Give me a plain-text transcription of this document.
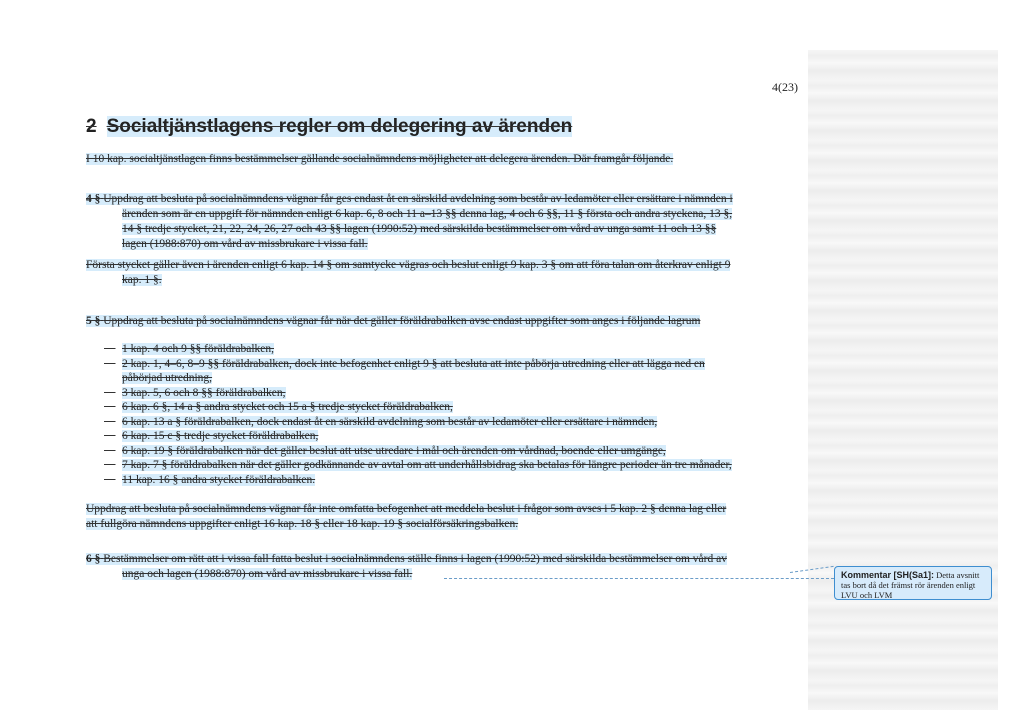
4(23)
2 Socialtjänstlagens regler om delegering av ärenden
I 10 kap. socialtjänstlagen finns bestämmelser gällande socialnämndens möjligheter att delegera ärenden. Där framgår följande.
4 § Uppdrag att besluta på socialnämndens vägnar får ges endast åt en särskild avdelning som består av ledamöter eller ersättare i nämnden i
ärenden som är en uppgift för nämnden enligt 6 kap. 6, 8 och 11 a–13 §§ denna lag, 4 och 6 §§, 11 § första och andra styckena, 13 §,
14 § tredje stycket, 21, 22, 24, 26, 27 och 43 §§ lagen (1990:52) med särskilda bestämmelser om vård av unga samt 11 och 13 §§
lagen (1988:870) om vård av missbrukare i vissa fall.
Första stycket gäller även i ärenden enligt 6 kap. 14 § om samtycke vägras och beslut enligt 9 kap. 3 § om att föra talan om återkrav enligt 9
kap. 1 §.
5 § Uppdrag att besluta på socialnämndens vägnar får när det gäller föräldrabalken avse endast uppgifter som anges i följande lagrum
1 kap. 4 och 9 §§ föräldrabalken,
2 kap. 1, 4–6, 8–9 §§ föräldrabalken, dock inte befogenhet enligt 9 § att besluta att inte påbörja utredning eller att lägga ned en
påbörjad utredning,
3 kap. 5, 6 och 8 §§ föräldrabalken,
6 kap. 6 §, 14 a § andra stycket och 15 a § tredje stycket föräldrabalken,
6 kap. 13 a § föräldrabalken, dock endast åt en särskild avdelning som består av ledamöter eller ersättare i nämnden,
6 kap. 15 c § tredje stycket föräldrabalken,
6 kap. 19 § föräldrabalken när det gäller beslut att utse utredare i mål och ärenden om vårdnad, boende eller umgänge,
7 kap. 7 § föräldrabalken när det gäller godkännande av avtal om att underhållsbidrag ska betalas för längre perioder än tre månader,
11 kap. 16 § andra stycket föräldrabalken.
Uppdrag att besluta på socialnämndens vägnar får inte omfatta befogenhet att meddela beslut i frågor som avses i 5 kap. 2 § denna lag eller
att fullgöra nämndens uppgifter enligt 16 kap. 18 § eller 18 kap. 19 § socialförsäkringsbalken.
6 § Bestämmelser om rätt att i vissa fall fatta beslut i socialnämndens ställe finns i lagen (1990:52) med särskilda bestämmelser om vård av
unga och lagen (1988:870) om vård av missbrukare i vissa fall.	Kommentar [SH(Sa1]: Detta avsnitt tas bort då det främst rör ärenden enligt LVU och LVM
